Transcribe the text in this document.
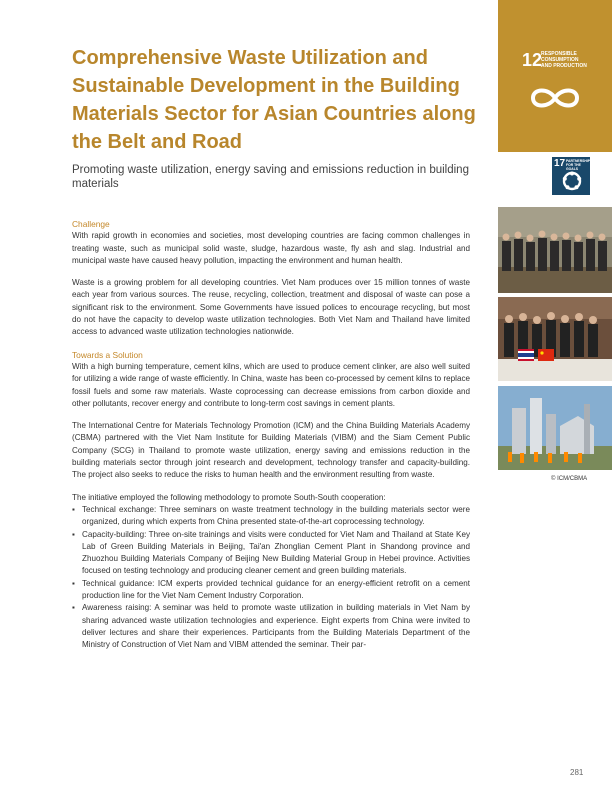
Comprehensive Waste Utilization and Sustainable Development in the Building Materials Sector for Asian Countries along the Belt and Road

Promoting waste utilization, energy saving and emissions reduction in building materials

Challenge

With rapid growth in economies and societies, most developing countries are facing common challenges in treating waste, such as municipal solid waste, sludge, hazardous waste, fly ash and slag. Industrial and municipal waste have caused heavy pollution, impacting the environment and human health.

Waste is a growing problem for all developing countries. Viet Nam produces over 15 million tonnes of waste each year from various sources. The reuse, recycling, collection, treatment and disposal of waste can pose a significant risk to the environment. Some Governments have issued polices to encourage recycling, but most do not have the capacity to develop waste utilization technologies. Both Viet Nam and Thailand have limited access to advanced waste utilization technologies nationwide.

Towards a Solution

With a high burning temperature, cement kilns, which are used to produce cement clinker, are also well suited for utilizing a wide range of waste efficiently. In China, waste has been co-processed by cement kilns to replace fossil fuels and some raw materials. Waste coprocessing can decrease emissions from carbon dioxide and other pollutants, recover energy and contribute to long-term cost savings in cement plants.

The International Centre for Materials Technology Promotion (ICM) and the China Building Materials Academy (CBMA) partnered with the Viet Nam Institute for Building Materials (VIBM) and the Siam Cement Public Company (SCG) in Thailand to promote waste utilization, energy saving and emissions reduction in the building materials sector through joint research and development, technology transfer and capacity-building. The project also seeks to reduce the risks to human health and the environment resulting from waste.

The initiative employed the following methodology to promote South-South cooperation:

▪ Technical exchange: Three seminars on waste treatment technology in the building materials sector were organized, during which experts from China presented state-of-the-art coprocessing technology.
▪ Capacity-building: Three on-site trainings and visits were conducted for Viet Nam and Thailand at State Key Lab of Green Building Materials in Beijing, Tai'an Zhonglian Cement Plant in Shandong province and Zhuozhou Building Materials Company of Beijing New Building Material Group in Hebei province. Activities focused on testing technology and producing cleaner cement and green building materials.
▪ Technical guidance: ICM experts provided technical guidance for an energy-efficient retrofit on a cement production line for the Viet Nam Cement Industry Corporation.
▪ Awareness raising: A seminar was held to promote waste utilization in building materials in Viet Nam by sharing advanced waste utilization technologies and experience. Eight experts from China were invited to deliver lectures and share their experiences. Participants from the Building Materials Department of the Ministry of Construction of Viet Nam and VIBM attended the seminar. Their par-
12
RESPONSIBLE CONSUMPTION AND PRODUCTION
17 PARTNERSHIPS FOR THE GOALS
© ICM/CBMA
281
